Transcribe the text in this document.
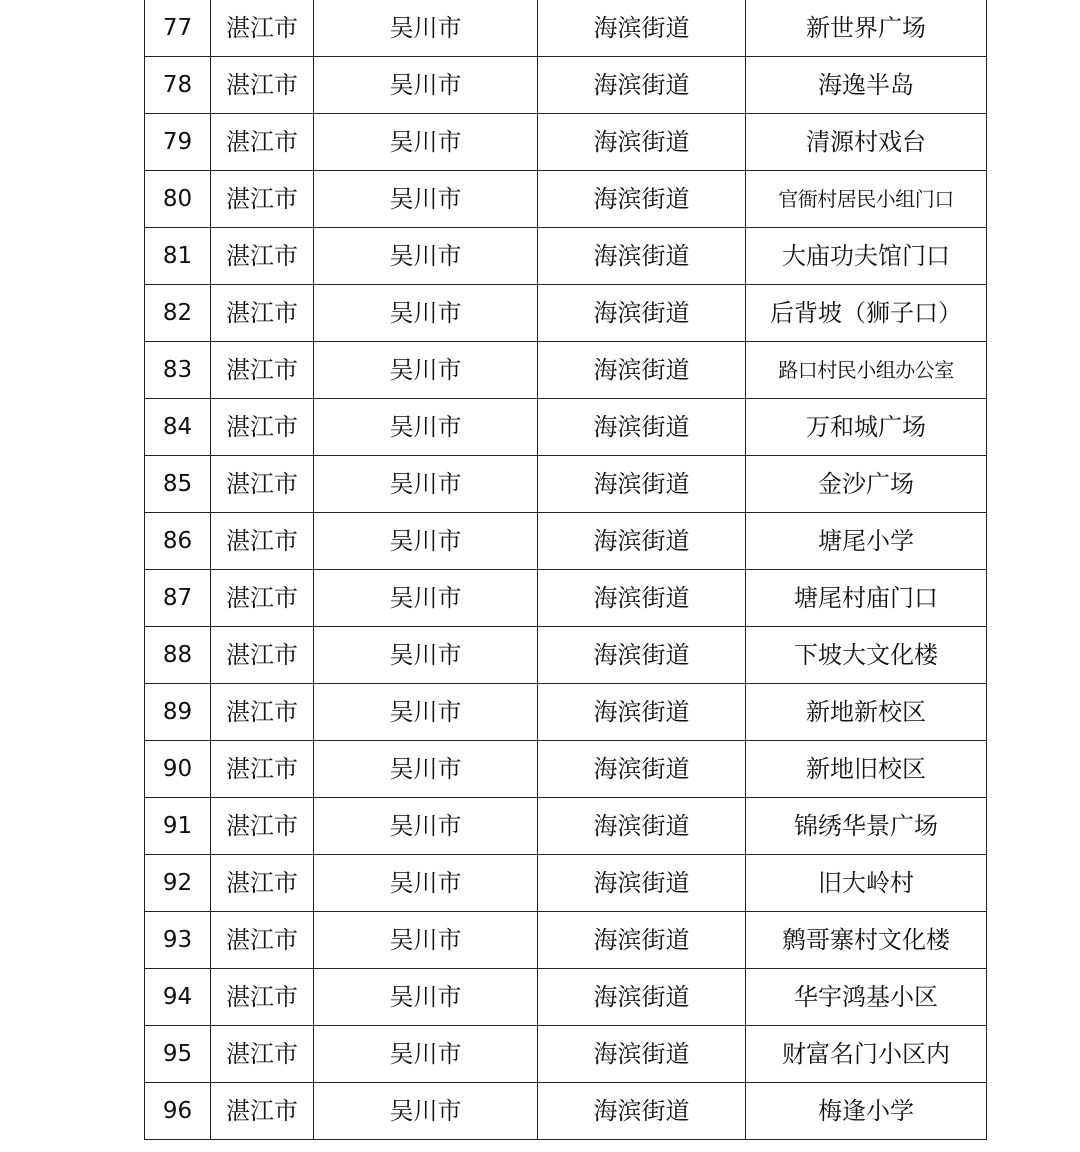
77	湛江市	吴川市	海滨街道	新世界广场
78	湛江市	吴川市	海滨街道	海逸半岛
79	湛江市	吴川市	海滨街道	清源村戏台
80	湛江市	吴川市	海滨街道	官衙村居民小组门口
81	湛江市	吴川市	海滨街道	大庙功夫馆门口
82	湛江市	吴川市	海滨街道	后背坡（狮子口）
83	湛江市	吴川市	海滨街道	路口村民小组办公室
84	湛江市	吴川市	海滨街道	万和城广场
85	湛江市	吴川市	海滨街道	金沙广场
86	湛江市	吴川市	海滨街道	塘尾小学
87	湛江市	吴川市	海滨街道	塘尾村庙门口
88	湛江市	吴川市	海滨街道	下坡大文化楼
89	湛江市	吴川市	海滨街道	新地新校区
90	湛江市	吴川市	海滨街道	新地旧校区
91	湛江市	吴川市	海滨街道	锦绣华景广场
92	湛江市	吴川市	海滨街道	旧大岭村
93	湛江市	吴川市	海滨街道	鹩哥寨村文化楼
94	湛江市	吴川市	海滨街道	华宇鸿基小区
95	湛江市	吴川市	海滨街道	财富名门小区内
96	湛江市	吴川市	海滨街道	梅逢小学
